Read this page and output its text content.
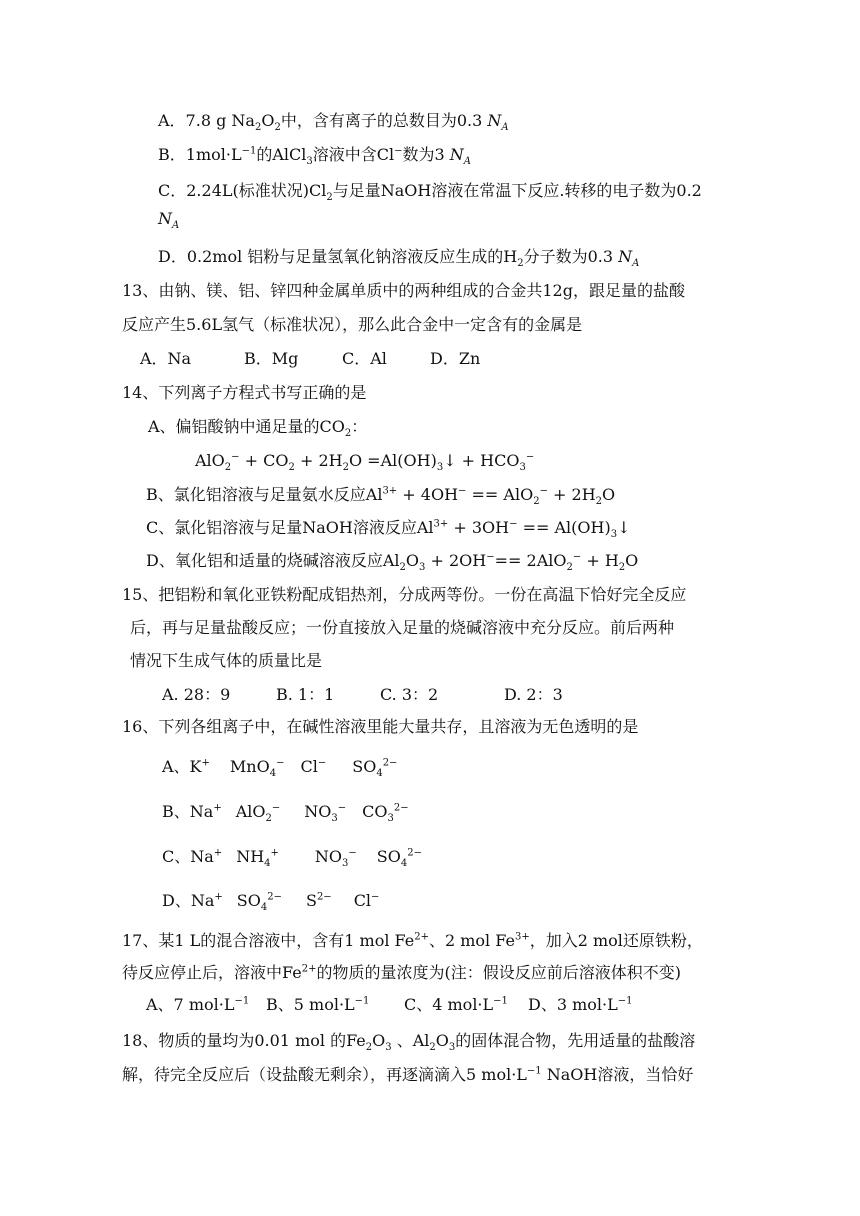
A．7.8 g $Na_2O_2$中，含有离子的总数目为0.3 $N_A$
B．$1mol\cdot L^{-1}$的AlCl$_3$溶液中含Cl−数为3 $N_A$
C．2.24L(标准状况)$Cl_2$与足量NaOH溶液在常温下反应.转移的电子数为0.2
$N_A$
D．0.2mol 铝粉与足量氢氧化钠溶液反应生成的$H_2$分子数为0.3 $N_A$
13、由钠、镁、铝、锌四种金属单质中的两种组成的合金共12g，跟足量的盐酸
反应产生5.6L氢气（标准状况），那么此合金中一定含有的金属是
A．Na	B．Mg	C．Al	D．Zn
14、下列离子方程式书写正确的是
A、偏铝酸钠中通足量的$CO_2$：
$AlO_2^- + CO_2 + 2H_2O$ $=Al(OH)_3↓ + HCO_3^-$
B、氯化铝溶液与足量氨水反应$Al^{3+} + 4OH^- == AlO_2^- + 2H_2O$
C、氯化铝溶液与足量NaOH溶液反应$Al^{3+} + 3OH^-$ == $Al(OH)_3↓$
D、氧化铝和适量的烧碱溶液反应$Al_2O_3 + 2OH^-== 2AlO_2^- + H_2O$
15、把铝粉和氧化亚铁粉配成铝热剂，分成两等份。一份在高温下恰好完全反应
后，再与足量盐酸反应；一份直接放入足量的烧碱溶液中充分反应。前后两种
情况下生成气体的质量比是
A. 28：9	B. 1：1	C. 3：2	D. 2：3
16、下列各组离子中，在碱性溶液里能大量共存，且溶液为无色透明的是
A、K+ MnO$_4$− Cl− $SO_4^{2-}$
B、Na+ AlO$_2$− $NO_3^-$ $CO_3^{2-}$
C、Na+ $NH_4^+$ $NO_3^-$ $SO_4^{2-}$
D、Na+ $SO_4^{2-}$ $S^{2-}$ Cl−
17、某1 L的混合溶液中，含有1 mol $Fe^{2+}$、2 mol $Fe^{3+}$，加入2 mol还原铁粉，
待反应停止后，溶液中$Fe^{2+}$的物质的量浓度为(注：假设反应前后溶液体积不变)
A、7 $mol\cdot L^{-1}$ B、5 $mol\cdot L^{-1}$ C、4 $mol\cdot L^{-1}$ D、3 $mol\cdot L^{-1}$
18、物质的量均为0.01 mol 的$Fe_2O_3$ 、$Al_2O_3$的固体混合物，先用适量的盐酸溶
解，待完全反应后（设盐酸无剩余），再逐滴滴入5 $mol\cdot L^{-1}$ NaOH溶液，当恰好
